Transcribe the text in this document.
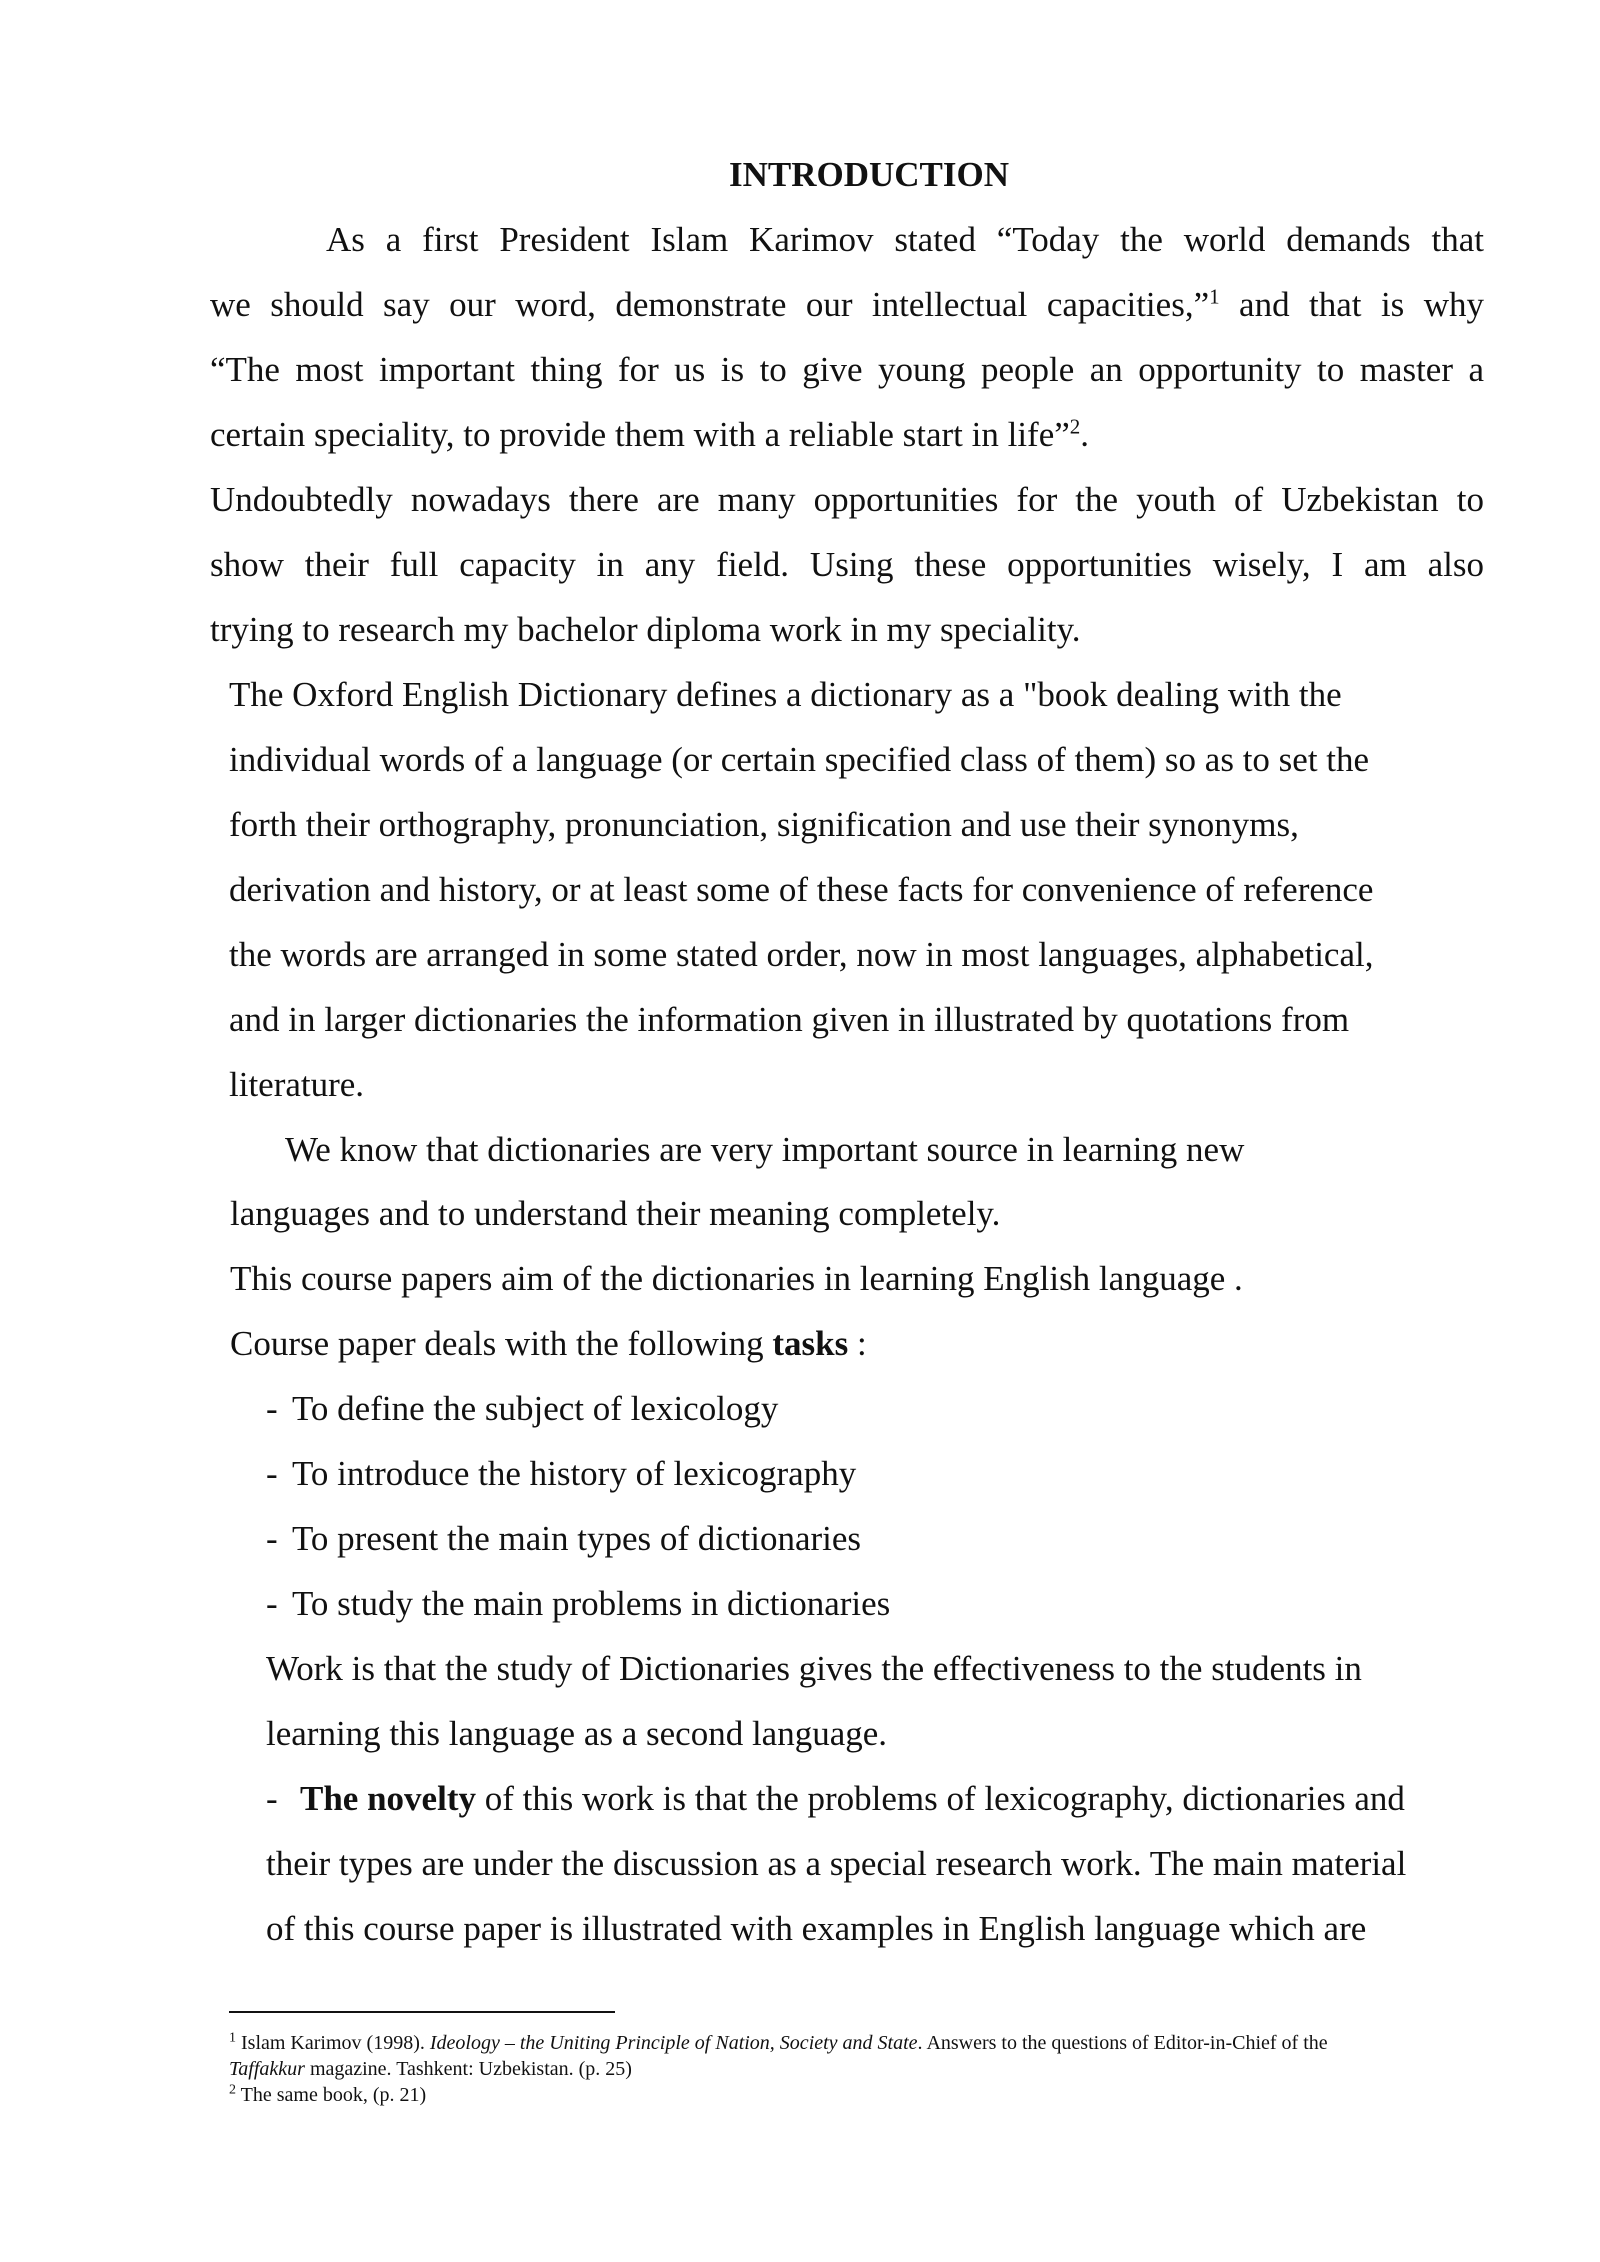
INTRODUCTION
As a first President Islam Karimov stated “Today the world demands that
we should say our word, demonstrate our intellectual capacities,”$^1$ and that is why
“The most important thing for us is to give young people an opportunity to master a
certain speciality, to provide them with a reliable start in life”$^2$.
Undoubtedly nowadays there are many opportunities for the youth of Uzbekistan to
show their full capacity in any field. Using these opportunities wisely, I am also
trying to research my bachelor diploma work in my speciality.
The Oxford English Dictionary defines a dictionary as a "book dealing with the
individual words of a language (or certain specified class of them) so as to set the
forth their orthography, pronunciation, signification and use their synonyms,
derivation and history, or at least some of these facts for convenience of reference
the words are arranged in some stated order, now in most languages, alphabetical,
and in larger dictionaries the information given in illustrated by quotations from
literature.
We know that dictionaries are very important source in learning new
languages and to understand their meaning completely.
This course papers aim of the dictionaries in learning English language .
Course paper deals with the following tasks :
- To define the subject of lexicology
- To introduce the history of lexicography
- To present the main types of dictionaries
- To study the main problems in dictionaries
Work is that the study of Dictionaries gives the effectiveness to the students in
learning this language as a second language.
- The novelty of this work is that the problems of lexicography, dictionaries and
their types are under the discussion as a special research work. The main material
of this course paper is illustrated with examples in English language which are
$^1$ Islam Karimov (1998). Ideology – the Uniting Principle of Nation, Society and State. Answers to the questions of Editor-in-Chief of the
Taffakkur magazine. Tashkent: Uzbekistan. (p. 25)
$^2$ The same book, (p. 21)
